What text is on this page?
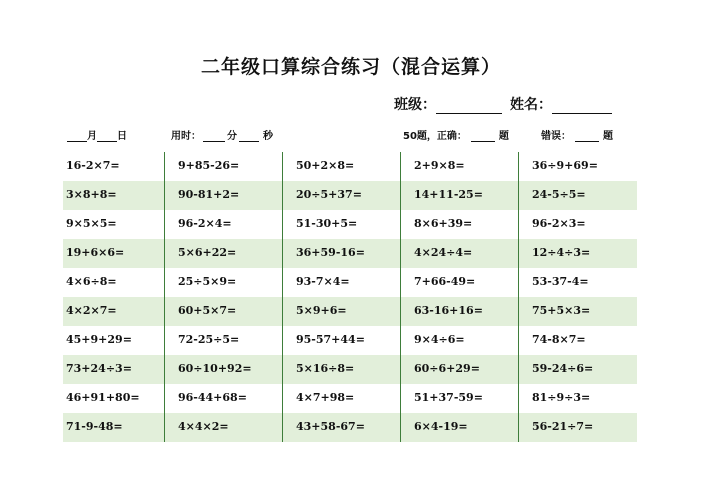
二年级口算综合练习（混合运算）
班级：	姓名：
月 日	用时：	分	秒	50题，正确：	题	错误：	题
16-2×7=	9+85-26=	50+2×8=	2+9×8=	36÷9+69=
3×8+8=	90-81+2=	20÷5+37=	14+11-25=	24-5÷5=
9×5×5=	96-2×4=	51-30+5=	8×6+39=	96-2×3=
19+6×6=	5×6+22=	36+59-16=	4×24÷4=	12÷4÷3=
4×6÷8=	25÷5×9=	93-7×4=	7+66-49=	53-37-4=
4×2×7=	60+5×7=	5×9+6=	63-16+16=	75+5×3=
45+9+29=	72-25÷5=	95-57+44=	9×4÷6=	74-8×7=
73+24÷3=	60÷10+92=	5×16÷8=	60÷6+29=	59-24÷6=
46+91+80=	96-44+68=	4×7+98=	51+37-59=	81÷9÷3=
71-9-48=	4×4×2=	43+58-67=	6×4-19=	56-21÷7=
